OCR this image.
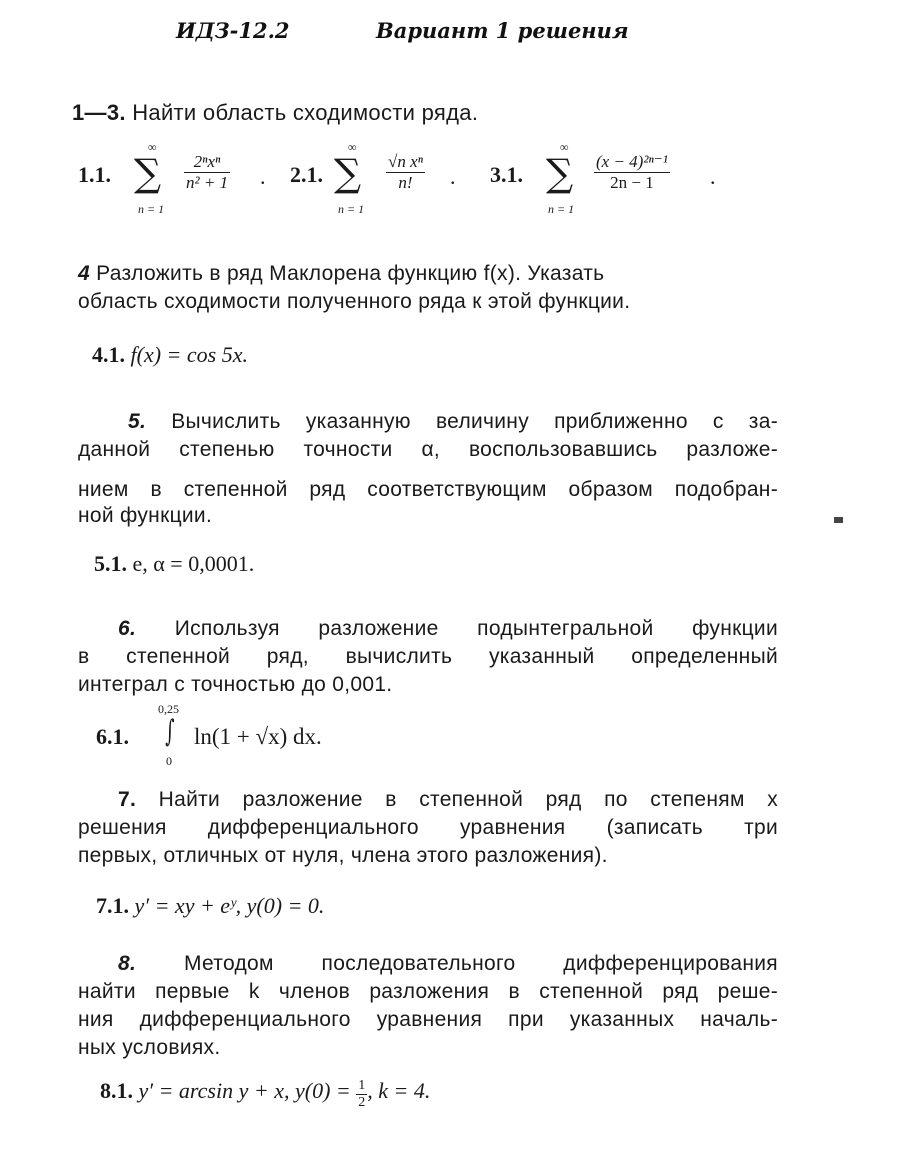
ИДЗ-12.2	Вариант 1 решения
1—3. Найти область сходимости ряда.
1.1.
∞
∑
n = 1
$\frac{\text{2ⁿxⁿ}}{\text{n² + 1}}$ . 2.1.
∞
∑
n = 1
$\frac{\text{√n xⁿ}}{n!}$ . 3.1.
∞
∑
n = 1
$\frac{\text{(x − 4)²ⁿ⁻¹}}{2n - 1}$ .
4 Разложить в ряд Маклорена функцию f(x). Указать
область сходимости полученного ряда к этой функции.
4.1. f(x) = cos 5x.
5. Вычислить указанную величину приближенно с за-
данной степенью точности α, воспользовавшись разложе-
нием в степенной ряд соответствующим образом подобран-
ной функции.
5.1. e, α = 0,0001.
6. Используя разложение подынтегральной функции
в степенной ряд, вычислить указанный определенный
интеграл с точностью до 0,001.
6.1.
0,25
∫
0
ln(1 + √x) dx.
7. Найти разложение в степенной ряд по степеням x
решения дифференциального уравнения (записать три
первых, отличных от нуля, члена этого разложения).
7.1. y′ = xy + eʸ, y(0) = 0.
8. Методом последовательного дифференцирования
найти первые k членов разложения в степенной ряд реше-
ния дифференциального уравнения при указанных началь-
ных условиях.
8.1. y′ = arcsin y + x, $y(0) = \frac{1}{2}$ , k = 4.
